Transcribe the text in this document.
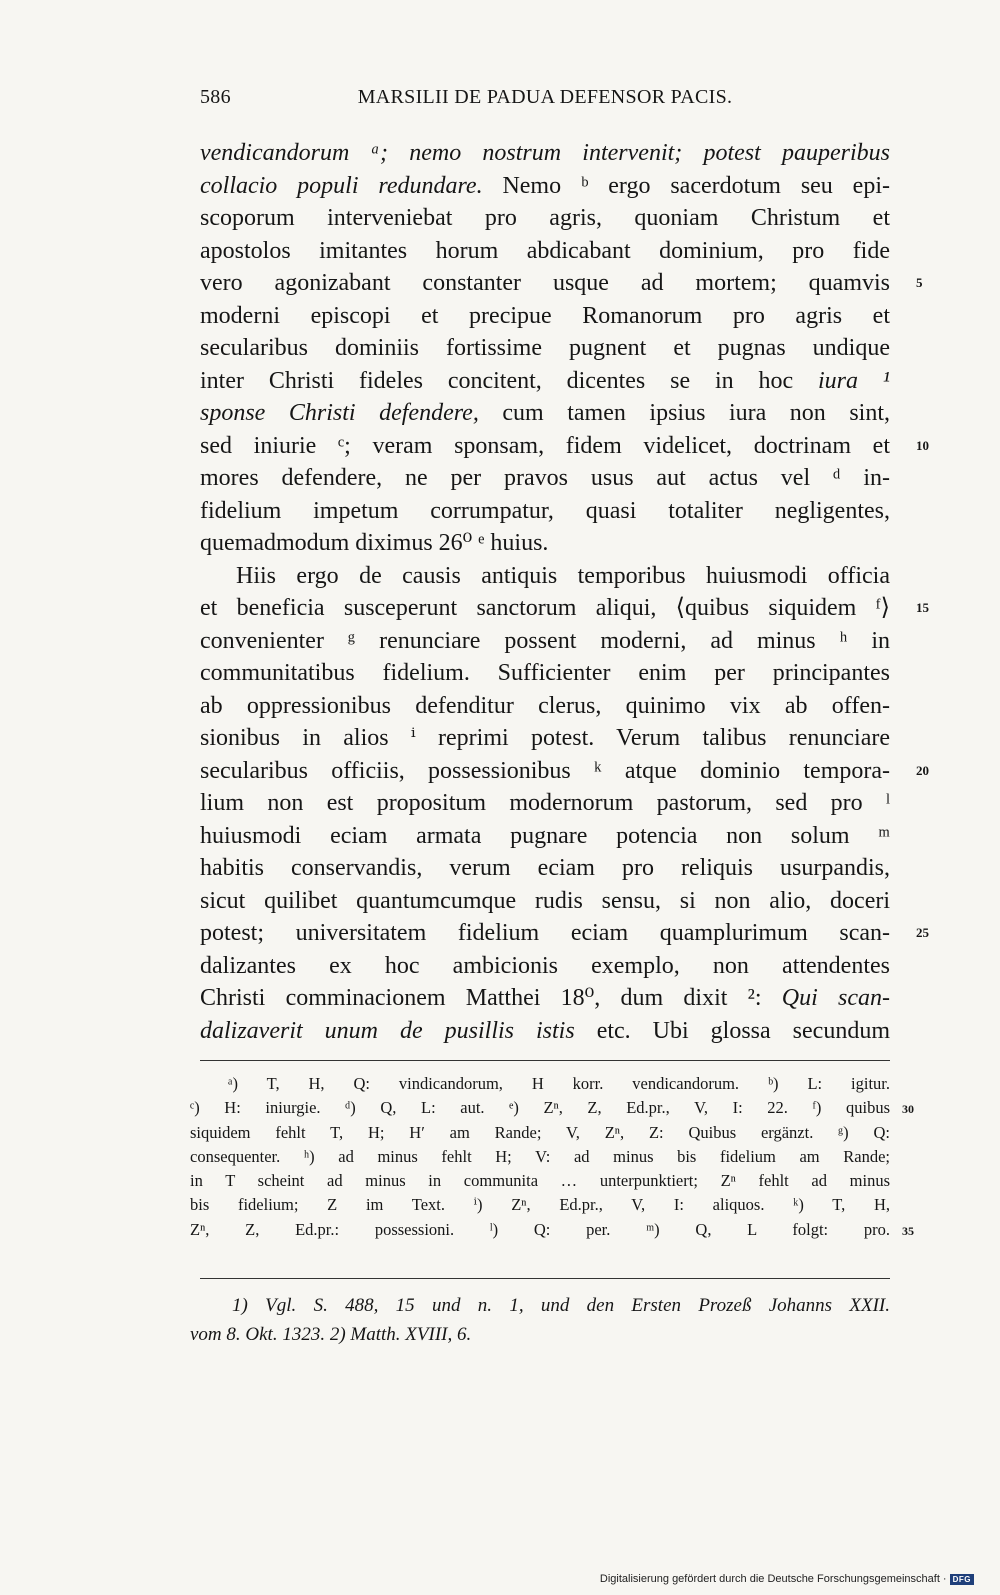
586	MARSILII DE PADUA DEFENSOR PACIS.
vendicandorum ᵃ; nemo nostrum intervenit; potest pauperibus
collacio populi redundare. Nemo ᵇ ergo sacerdotum seu epi-
scoporum interveniebat pro agris, quoniam Christum et
apostolos imitantes horum abdicabant dominium, pro fide
vero agonizabant constanter usque ad mortem; quamvis
moderni episcopi et precipue Romanorum pro agris et
secularibus dominiis fortissime pugnent et pugnas undique
inter Christi fideles concitent, dicentes se in hoc iura ¹
sponse Christi defendere, cum tamen ipsius iura non sint,
sed iniurie ᶜ; veram sponsam, fidem videlicet, doctrinam et
mores defendere, ne per pravos usus aut actus vel ᵈ in-
fidelium impetum corrumpatur, quasi totaliter negligentes,
quemadmodum diximus 26⁰ ᵉ huius.
Hiis ergo de causis antiquis temporibus huiusmodi officia
et beneficia susceperunt sanctorum aliqui, ⟨quibus siquidem ᶠ⟩
convenienter ᵍ renunciare possent moderni, ad minus ʰ in
communitatibus fidelium. Sufficienter enim per principantes
ab oppressionibus defenditur clerus, quinimo vix ab offen-
sionibus in alios ⁱ reprimi potest. Verum talibus renunciare
secularibus officiis, possessionibus ᵏ atque dominio tempora-
lium non est propositum modernorum pastorum, sed pro ˡ
huiusmodi eciam armata pugnare potencia non solum ᵐ
habitis conservandis, verum eciam pro reliquis usurpandis,
sicut quilibet quantumcumque rudis sensu, si non alio, doceri
potest; universitatem fidelium eciam quamplurimum scan-
dalizantes ex hoc ambicionis exemplo, non attendentes
Christi comminacionem Matthei 18⁰, dum dixit ²: Qui scan-
dalizaverit unum de pusillis istis etc. Ubi glossa secundum
5
10
15
20
25
ᵃ) T, H, Q: vindicandorum, H korr. vendicandorum. ᵇ) L: igitur.
ᶜ) H: iniurgie. ᵈ) Q, L: aut. ᵉ) Zⁿ, Z, Ed.pr., V, I: 22. ᶠ) quibus
siquidem fehlt T, H; H′ am Rande; V, Zⁿ, Z: Quibus ergänzt. ᵍ) Q:
consequenter. ʰ) ad minus fehlt H; V: ad minus bis fidelium am Rande;
in T scheint ad minus in communita … unterpunktiert; Zⁿ fehlt ad minus
bis fidelium; Z im Text. ⁱ) Zⁿ, Ed.pr., V, I: aliquos. ᵏ) T, H,
Zⁿ, Z, Ed.pr.: possessioni. ˡ) Q: per. ᵐ) Q, L folgt: pro.
30
35
1) Vgl. S. 488, 15 und n. 1, und den Ersten Prozeß Johanns XXII.
vom 8. Okt. 1323. 2) Matth. XVIII, 6.
Digitalisierung gefördert durch die Deutsche Forschungsgemeinschaft · DFG
